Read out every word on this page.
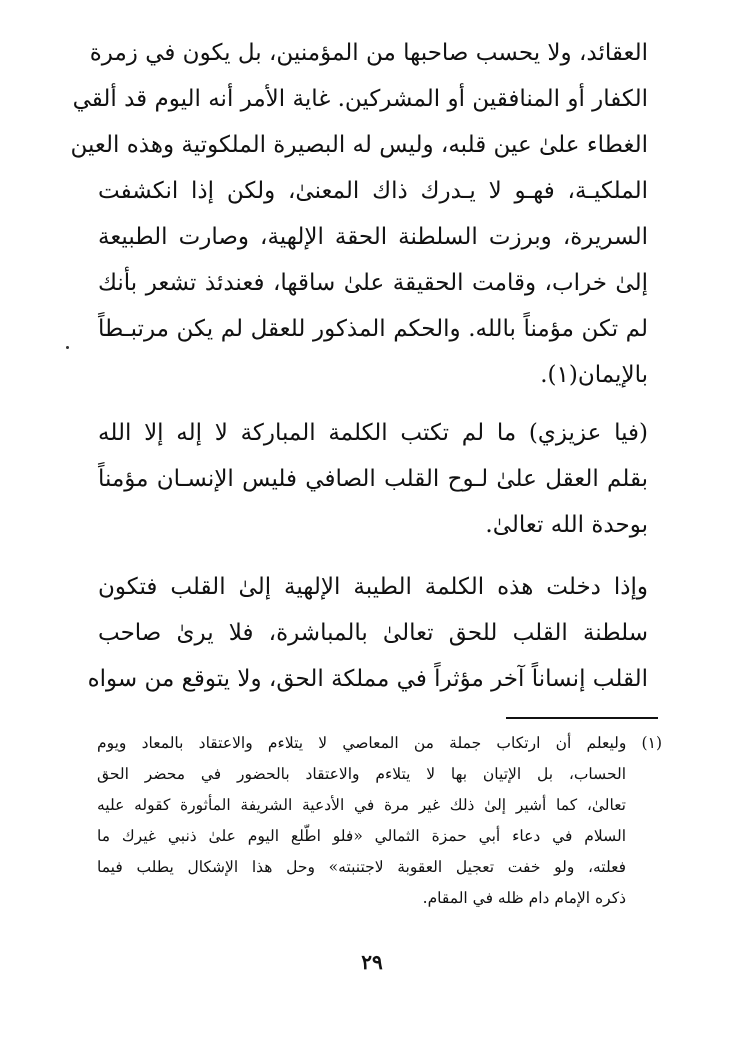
العقائد، ولا يحسب صاحبها من المؤمنين، بل يكون في زمرة
الكفار أو المنافقين أو المشركين. غاية الأمر أنه اليوم قد ألقي
الغطاء علىٰ عين قلبه، وليس له البصيرة الملكوتية وهذه العين
الملكيـة، فهـو لا يـدرك ذاك المعنىٰ، ولكن إذا انكشفت
السريرة، وبرزت السلطنة الحقة الإلهية، وصارت الطبيعة
إلىٰ خراب، وقامت الحقيقة علىٰ ساقها، فعندئذ تشعر بأنك
لم تكن مؤمناً بالله. والحكم المذكور للعقل لم يكن مرتبـطاً
بالإيمان(١).
(فيا عزيزي) ما لم تكتب الكلمة المباركة لا إله إلا الله
بقلم العقل علىٰ لـوح القلب الصافي فليس الإنسـان مؤمناً
بوحدة الله تعالىٰ.
وإذا دخلت هذه الكلمة الطيبة الإلهية إلىٰ القلب فتكون
سلطنة القلب للحق تعالىٰ بالمباشرة، فلا يرىٰ صاحب
القلب إنساناً آخر مؤثراً في مملكة الحق، ولا يتوقع من سواه
(١) وليعلم أن ارتكاب جملة من المعاصي لا يتلاءم والاعتقاد بالمعاد ويوم
الحساب، بل الإتيان بها لا يتلاءم والاعتقاد بالحضور في محضر الحق
تعالىٰ، كما أشير إلىٰ ذلك غير مرة في الأدعية الشريفة المأثورة كقوله عليه
السلام في دعاء أبي حمزة الثمالي «فلو اطّلع اليوم علىٰ ذنبي غيرك ما
فعلته، ولو خفت تعجيل العقوبة لاجتنبته» وحل هذا الإشكال يطلب فيما
ذكره الإمام دام ظله في المقام.
٢٩
